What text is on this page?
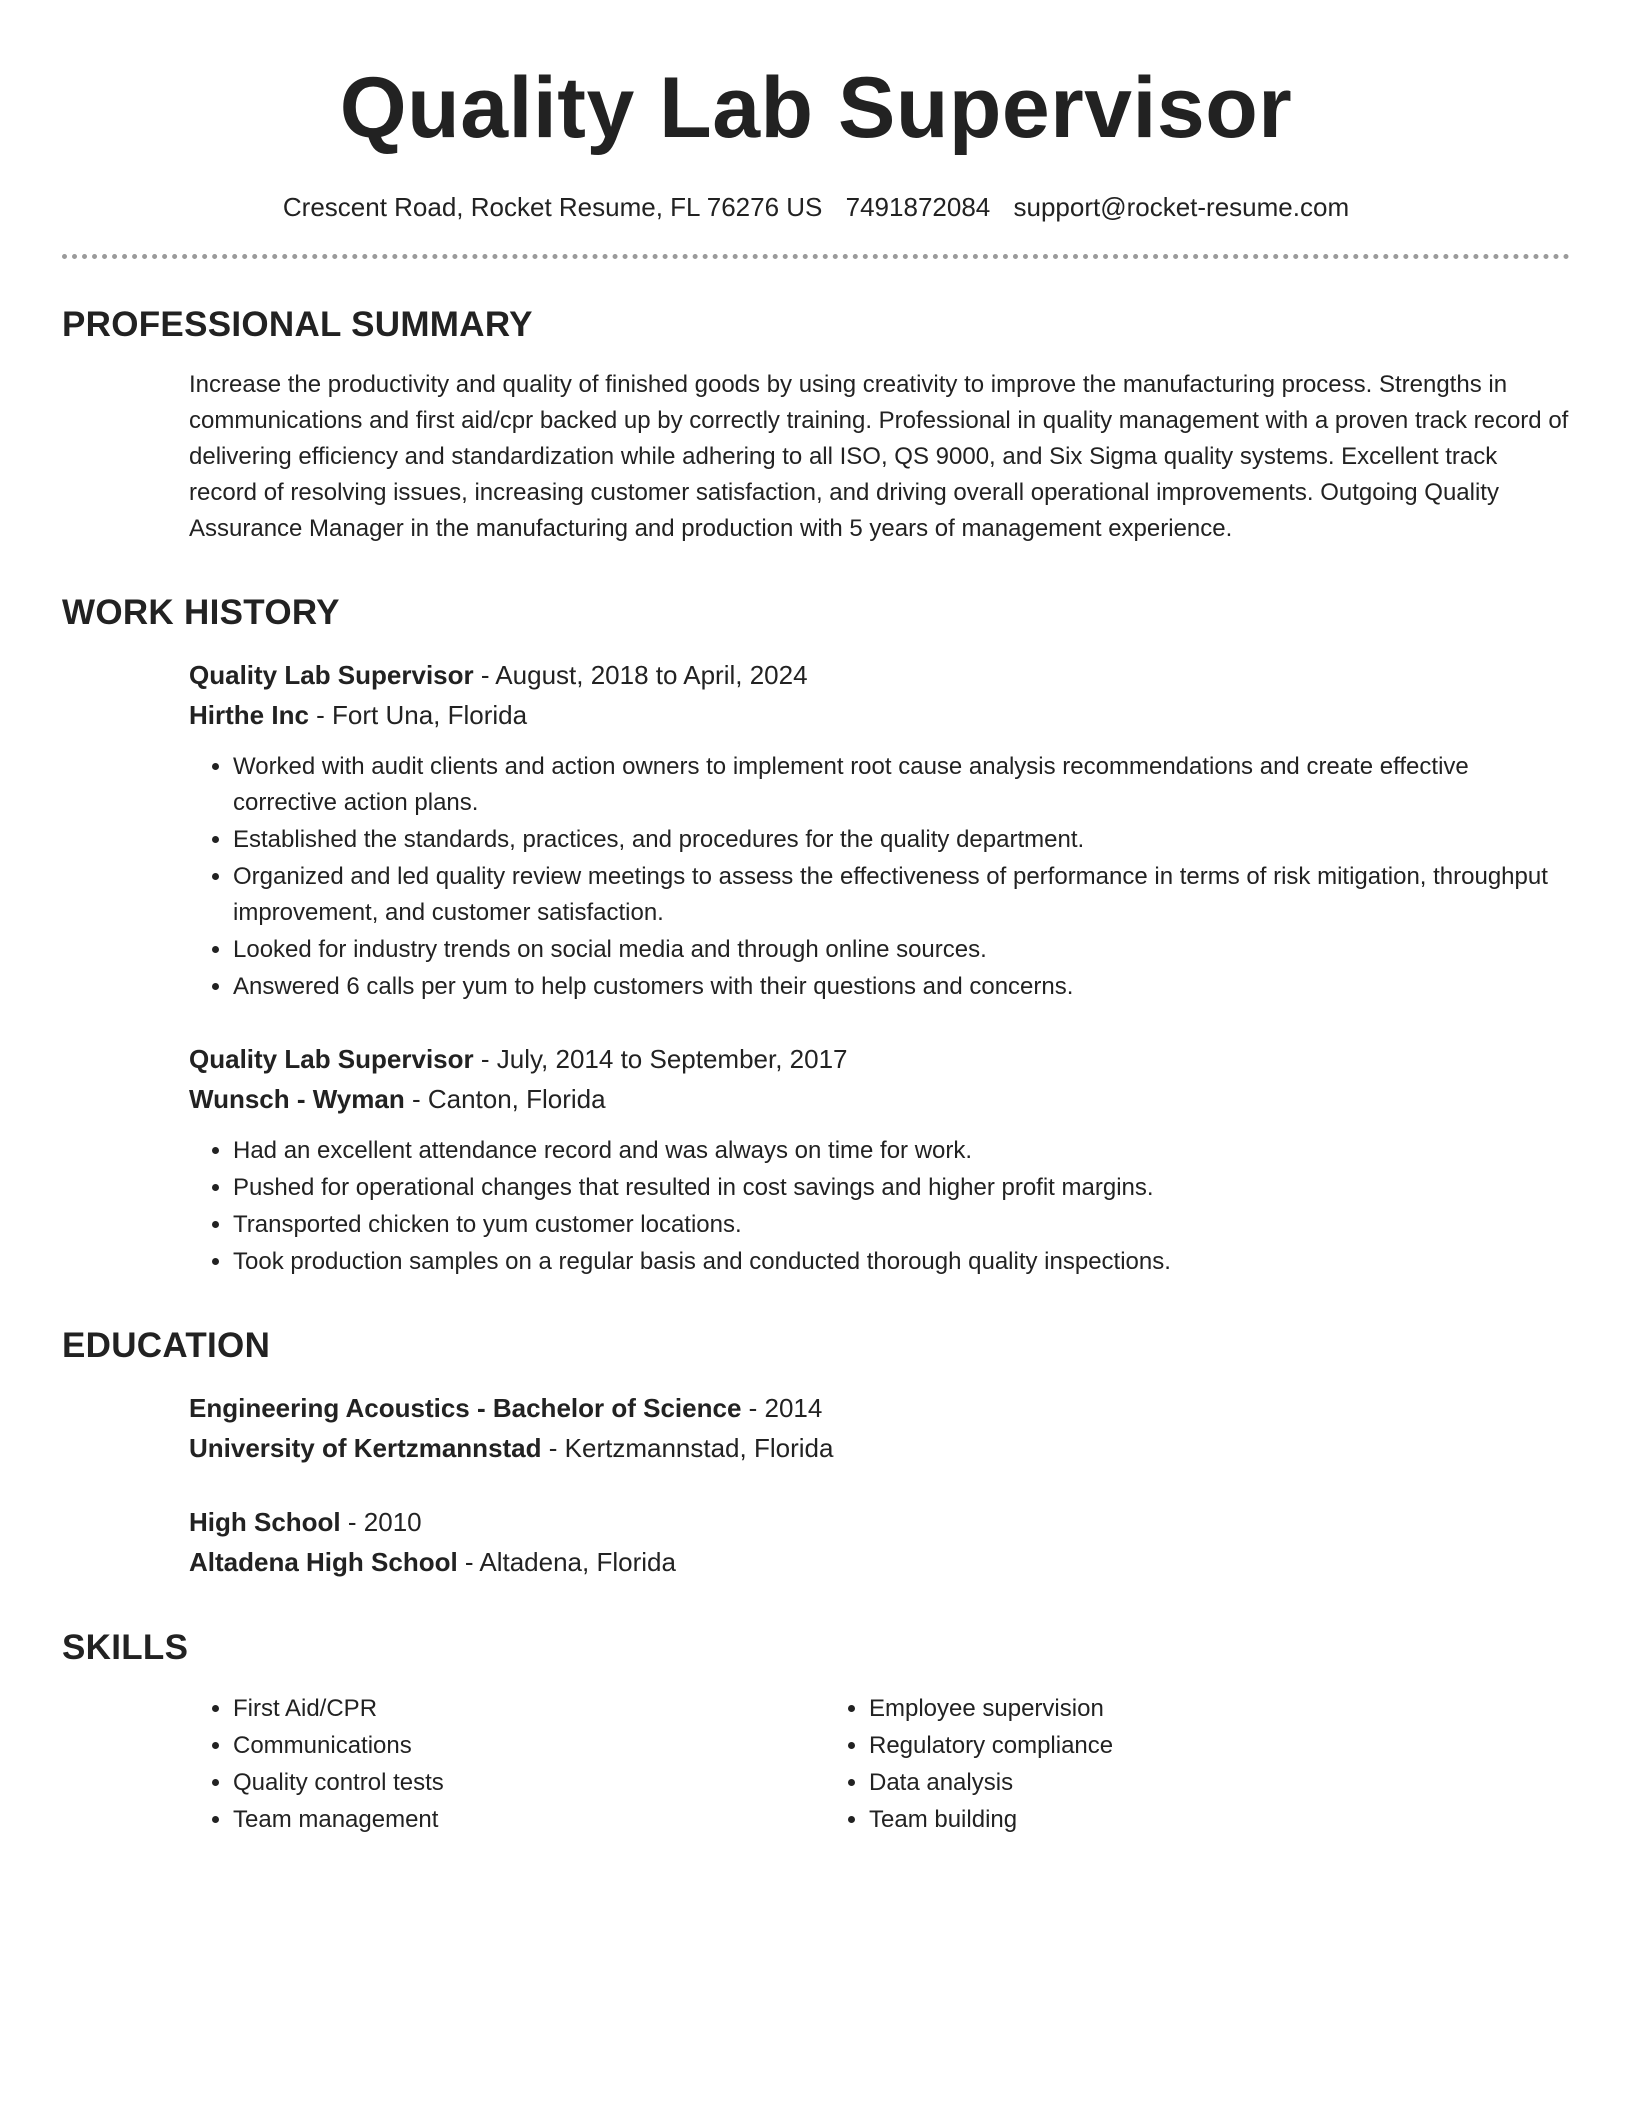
Quality Lab Supervisor
Crescent Road, Rocket Resume, FL 76276 US 7491872084 support@rocket-resume.com
PROFESSIONAL SUMMARY

Increase the productivity and quality of finished goods by using creativity to improve the manufacturing process. Strengths in communications and first aid/cpr backed up by correctly training. Professional in quality management with a proven track record of delivering efficiency and standardization while adhering to all ISO, QS 9000, and Six Sigma quality systems. Excellent track record of resolving issues, increasing customer satisfaction, and driving overall operational improvements. Outgoing Quality Assurance Manager in the manufacturing and production with 5 years of management experience.

WORK HISTORY
Quality Lab Supervisor - August, 2018 to April, 2024
Hirthe Inc - Fort Una, Florida
• Worked with audit clients and action owners to implement root cause analysis recommendations and create effective corrective action plans.
• Established the standards, practices, and procedures for the quality department.
• Organized and led quality review meetings to assess the effectiveness of performance in terms of risk mitigation, throughput improvement, and customer satisfaction.
• Looked for industry trends on social media and through online sources.
• Answered 6 calls per yum to help customers with their questions and concerns.
Quality Lab Supervisor - July, 2014 to September, 2017
Wunsch - Wyman - Canton, Florida
• Had an excellent attendance record and was always on time for work.
• Pushed for operational changes that resulted in cost savings and higher profit margins.
• Transported chicken to yum customer locations.
• Took production samples on a regular basis and conducted thorough quality inspections.
EDUCATION
Engineering Acoustics - Bachelor of Science - 2014
University of Kertzmannstad - Kertzmannstad, Florida
High School - 2010
Altadena High School - Altadena, Florida
SKILLS
• First Aid/CPR
• Communications
• Quality control tests
• Team management
• Employee supervision
• Regulatory compliance
• Data analysis
• Team building
